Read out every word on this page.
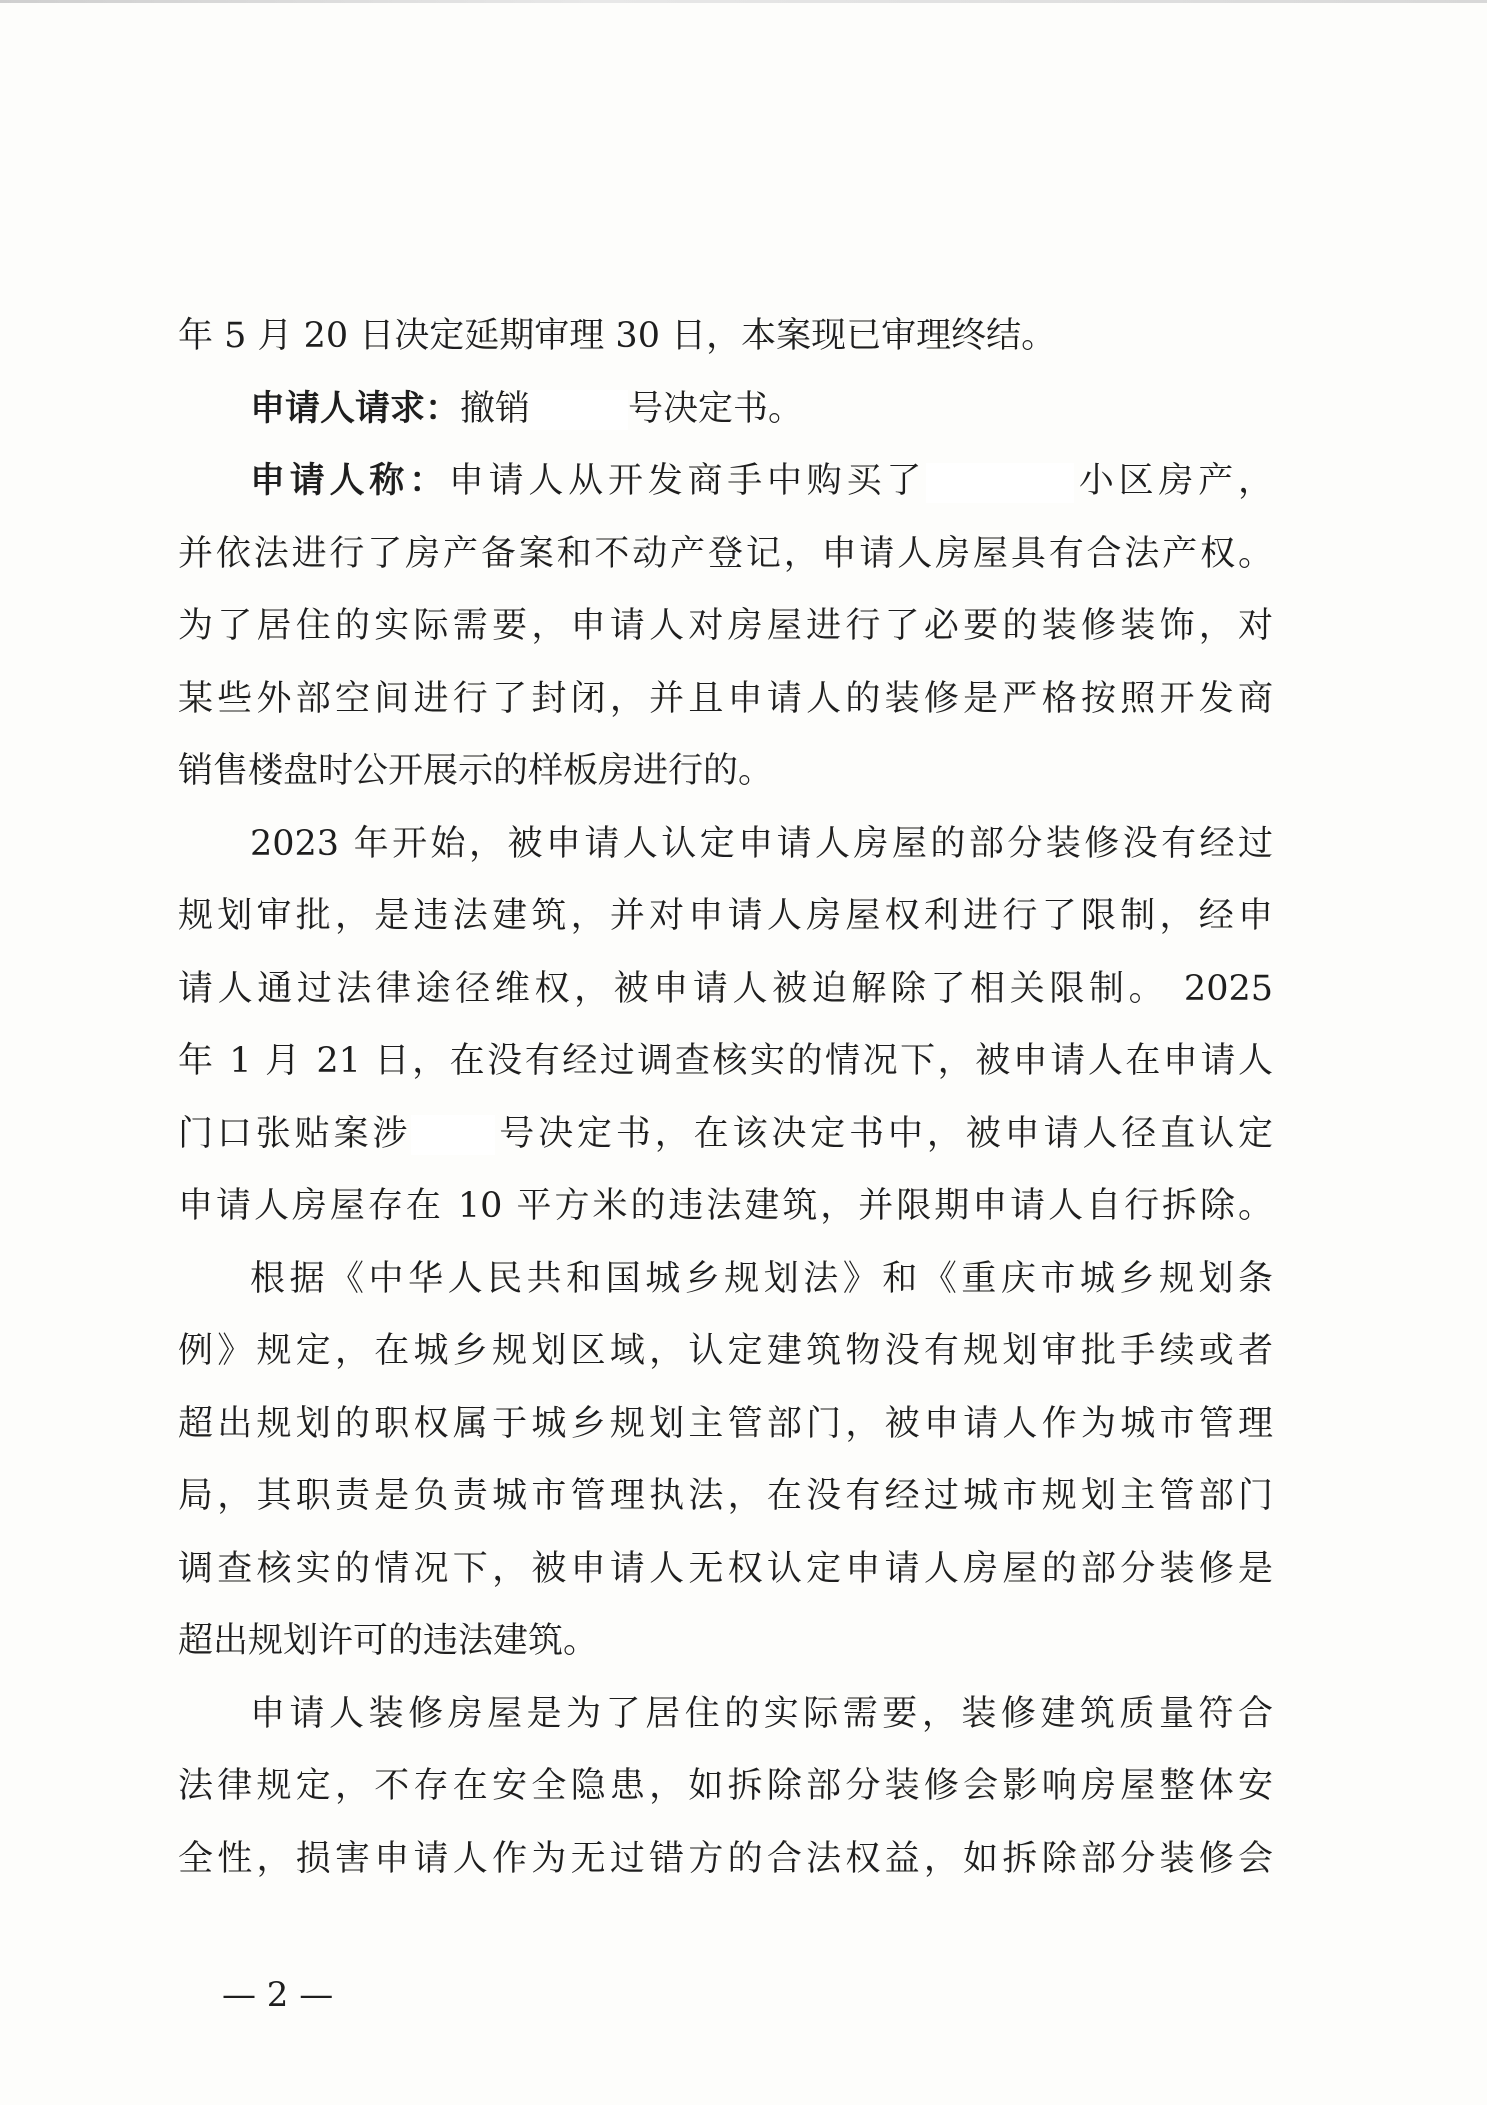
年 5 月 20 日决定延期审理 30 日，本案现已审理终结。
申请人请求：撤销	号决定书。
申请人称：申请人从开发商手中购买了	小区房产，
并依法进行了房产备案和不动产登记，申请人房屋具有合法产权。
为了居住的实际需要，申请人对房屋进行了必要的装修装饰，对
某些外部空间进行了封闭，并且申请人的装修是严格按照开发商
销售楼盘时公开展示的样板房进行的。
2023 年开始，被申请人认定申请人房屋的部分装修没有经过
规划审批，是违法建筑，并对申请人房屋权利进行了限制，经申
请人通过法律途径维权，被申请人被迫解除了相关限制。 2025
年 1 月 21 日，在没有经过调查核实的情况下，被申请人在申请人
门口张贴案涉 号决定书，在该决定书中，被申请人径直认定
申请人房屋存在 10 平方米的违法建筑，并限期申请人自行拆除。
根据《中华人民共和国城乡规划法》和《重庆市城乡规划条
例》规定，在城乡规划区域，认定建筑物没有规划审批手续或者
超出规划的职权属于城乡规划主管部门，被申请人作为城市管理
局，其职责是负责城市管理执法，在没有经过城市规划主管部门
调查核实的情况下，被申请人无权认定申请人房屋的部分装修是
超出规划许可的违法建筑。
申请人装修房屋是为了居住的实际需要，装修建筑质量符合
法律规定，不存在安全隐患，如拆除部分装修会影响房屋整体安
全性，损害申请人作为无过错方的合法权益，如拆除部分装修会
— 2 —
